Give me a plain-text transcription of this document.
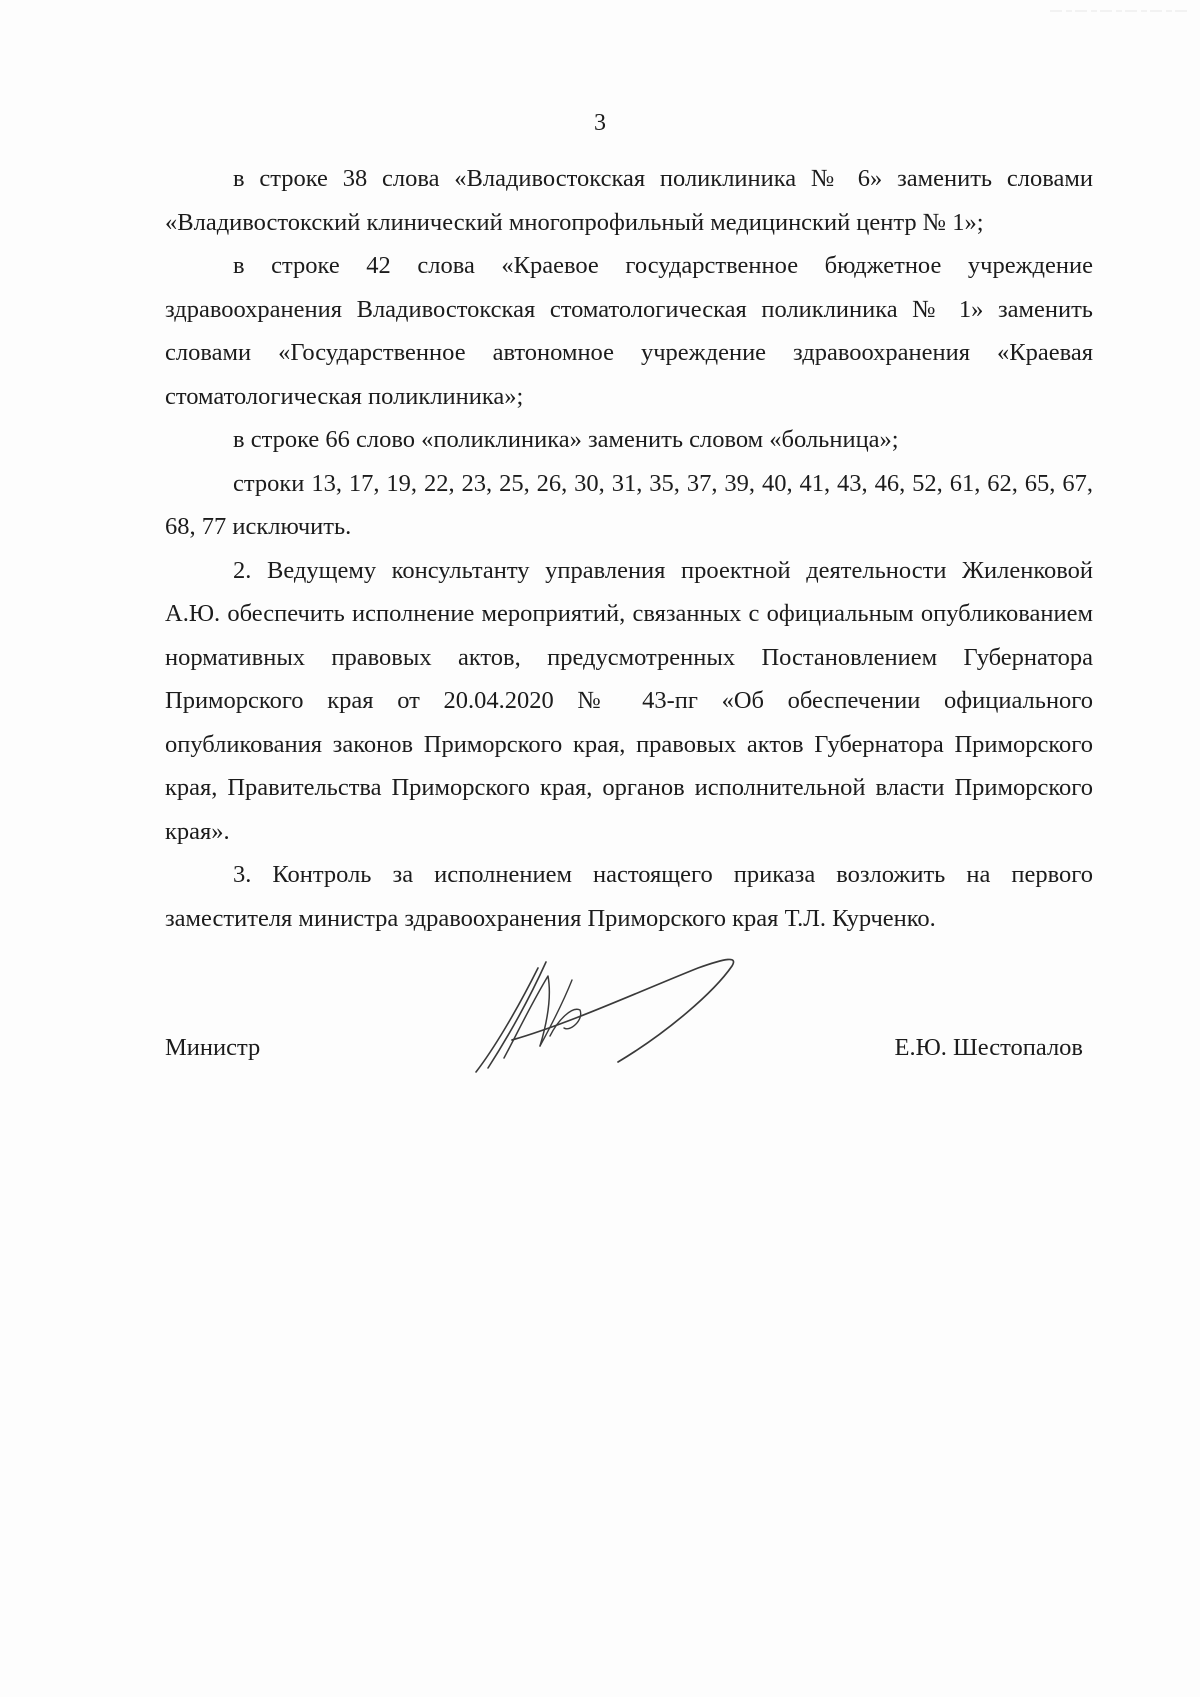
3

в строке 38 слова «Владивостокская поликлиника № 6» заменить словами «Владивостокский клинический многопрофильный медицинский центр № 1»;

в строке 42 слова «Краевое государственное бюджетное учреждение здравоохранения Владивостокская стоматологическая поликлиника № 1» заменить словами «Государственное автономное учреждение здравоохранения «Краевая стоматологическая поликлиника»;

в строке 66 слово «поликлиника» заменить словом «больница»;

строки 13, 17, 19, 22, 23, 25, 26, 30, 31, 35, 37, 39, 40, 41, 43, 46, 52, 61, 62, 65, 67, 68, 77 исключить.

2. Ведущему консультанту управления проектной деятельности Жиленковой А.Ю. обеспечить исполнение мероприятий, связанных с официальным опубликованием нормативных правовых актов, предусмотренных Постановлением Губернатора Приморского края от 20.04.2020 № 43-пг «Об обеспечении официального опубликования законов Приморского края, правовых актов Губернатора Приморского края, Правительства Приморского края, органов исполнительной власти Приморского края».

3. Контроль за исполнением настоящего приказа возложить на первого заместителя министра здравоохранения Приморского края Т.Л. Курченко.

Министр	Е.Ю. Шестопалов
